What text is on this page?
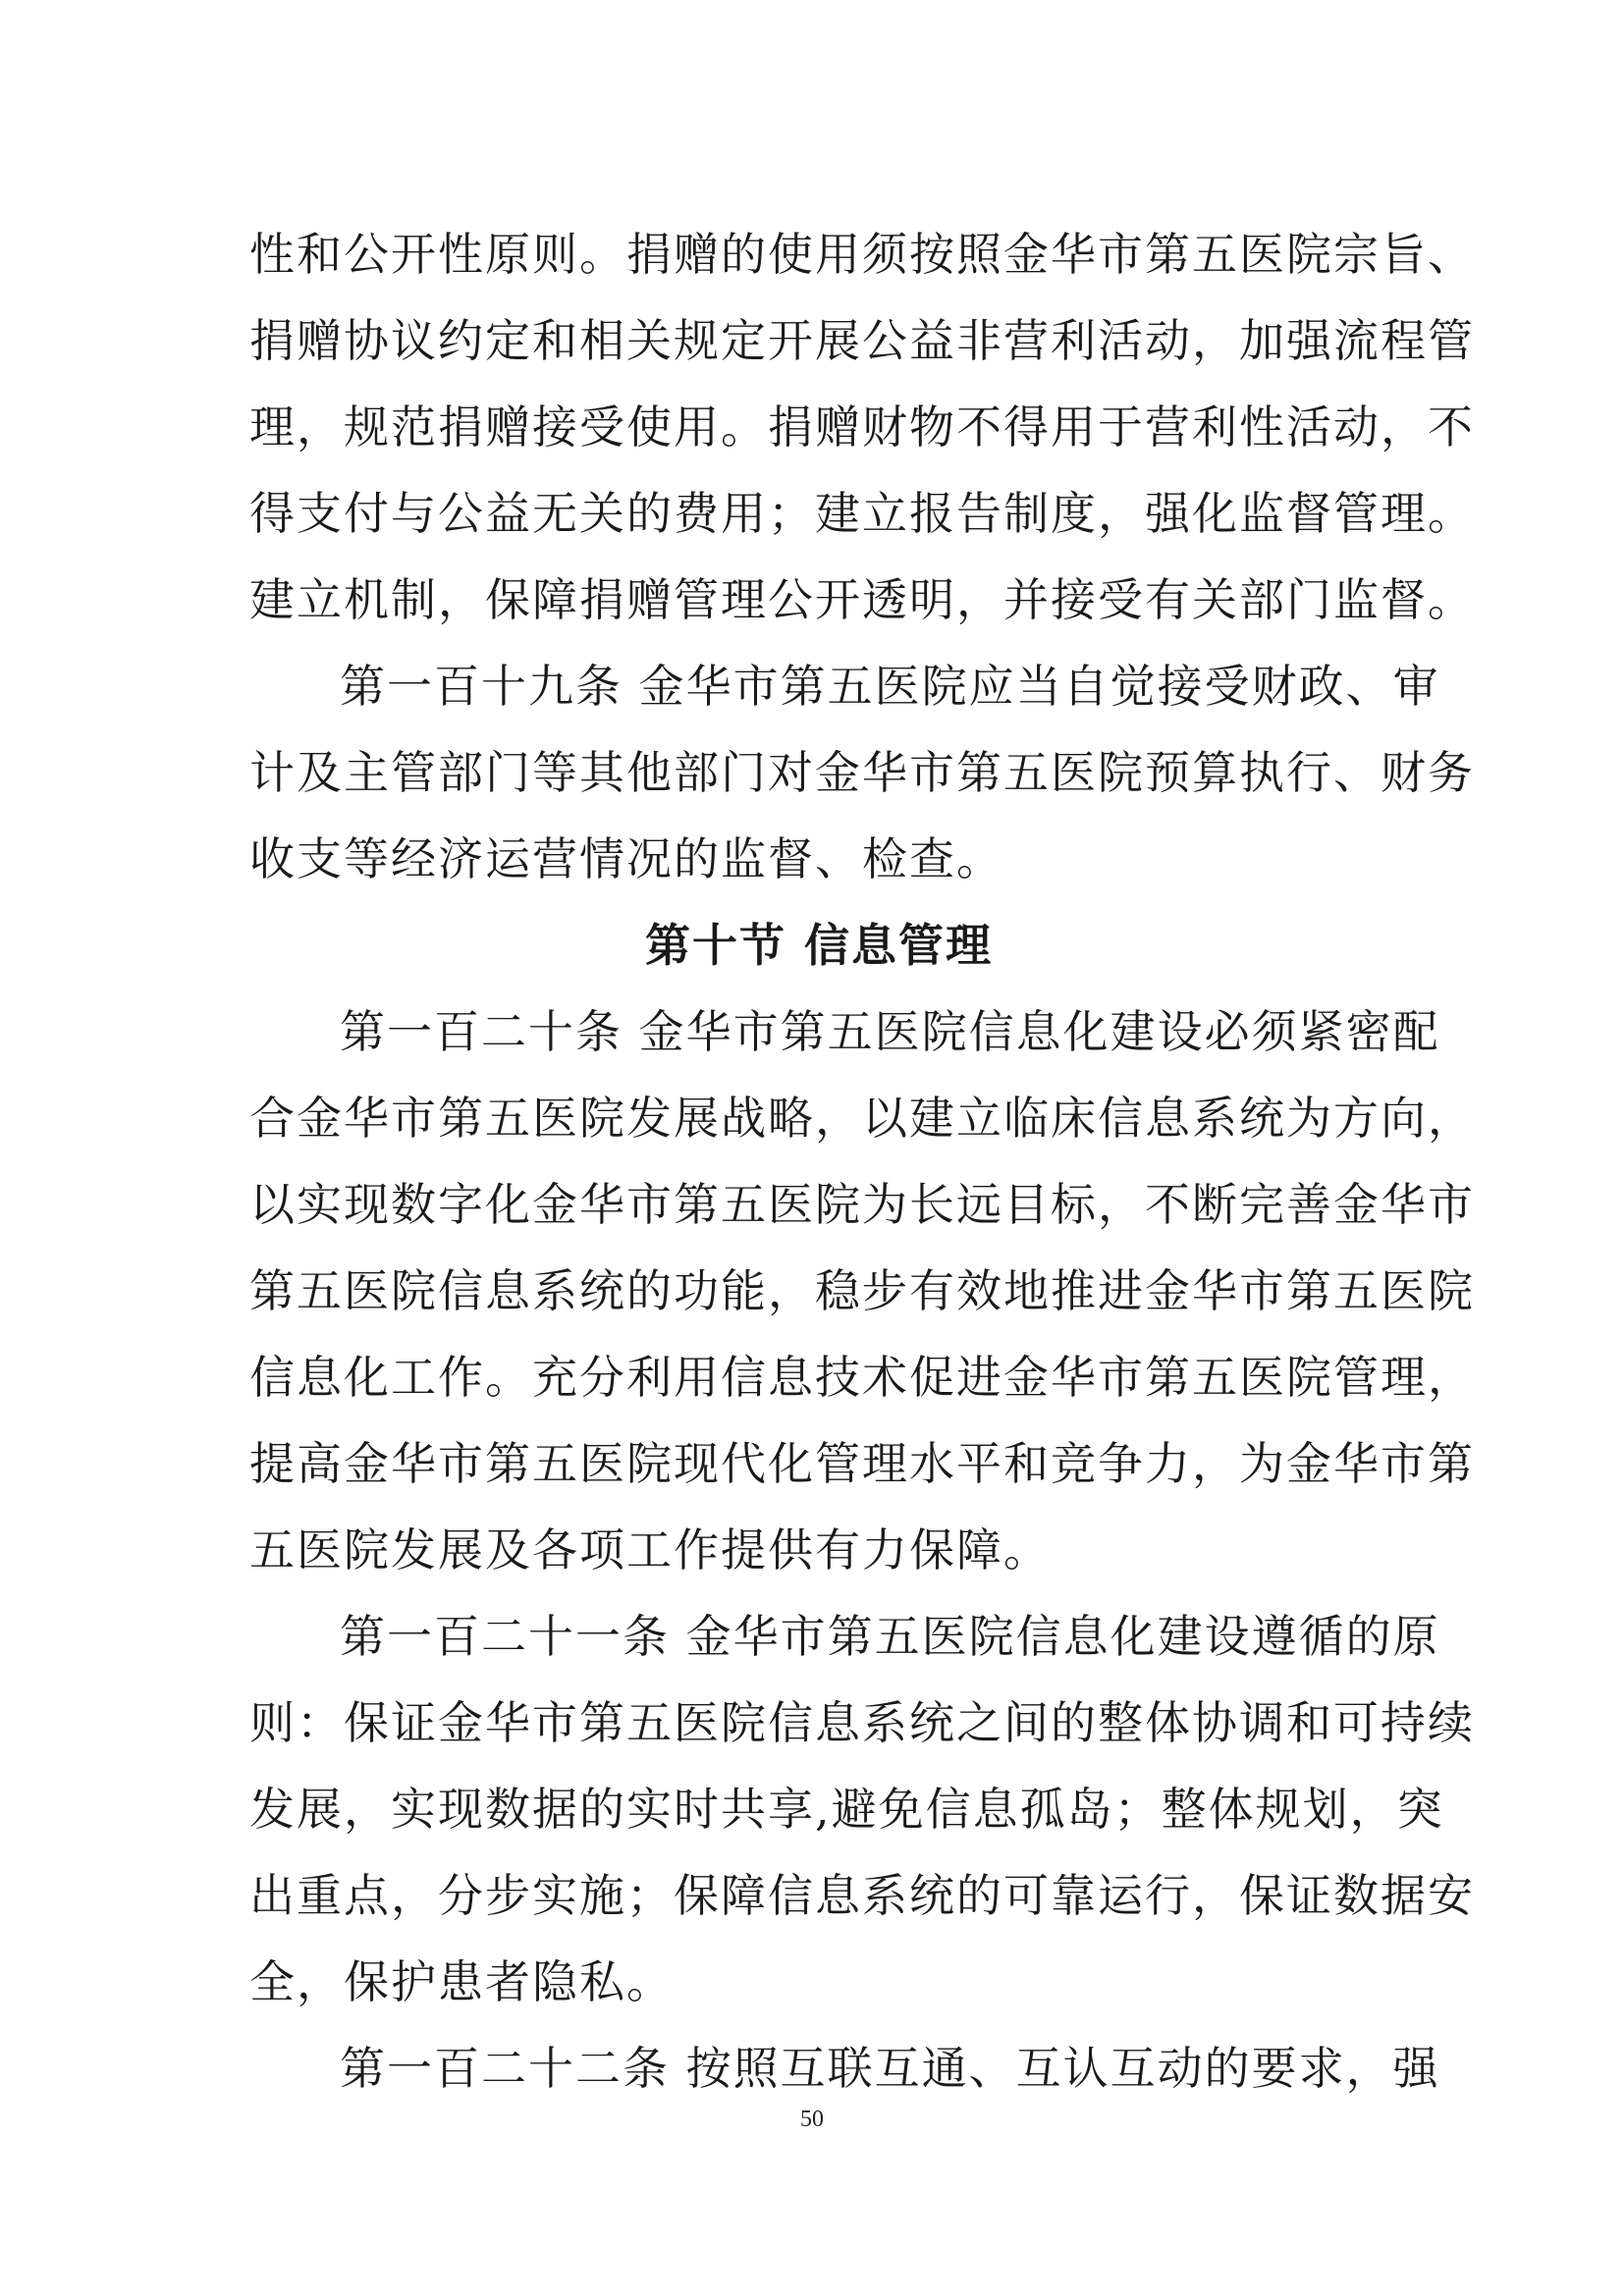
性和公开性原则。捐赠的使用须按照金华市第五医院宗旨、
捐赠协议约定和相关规定开展公益非营利活动，加强流程管
理，规范捐赠接受使用。捐赠财物不得用于营利性活动，不
得支付与公益无关的费用；建立报告制度，强化监督管理。
建立机制，保障捐赠管理公开透明，并接受有关部门监督。
第一百十九条 金华市第五医院应当自觉接受财政、审
计及主管部门等其他部门对金华市第五医院预算执行、财务
收支等经济运营情况的监督、检查。
第十节 信息管理
第一百二十条 金华市第五医院信息化建设必须紧密配
合金华市第五医院发展战略，以建立临床信息系统为方向，
以实现数字化金华市第五医院为长远目标，不断完善金华市
第五医院信息系统的功能，稳步有效地推进金华市第五医院
信息化工作。充分利用信息技术促进金华市第五医院管理，
提高金华市第五医院现代化管理水平和竞争力，为金华市第
五医院发展及各项工作提供有力保障。
第一百二十一条 金华市第五医院信息化建设遵循的原
则：保证金华市第五医院信息系统之间的整体协调和可持续
发展，实现数据的实时共享,避免信息孤岛；整体规划，突
出重点，分步实施；保障信息系统的可靠运行，保证数据安
全，保护患者隐私。
第一百二十二条 按照互联互通、互认互动的要求，强
50
